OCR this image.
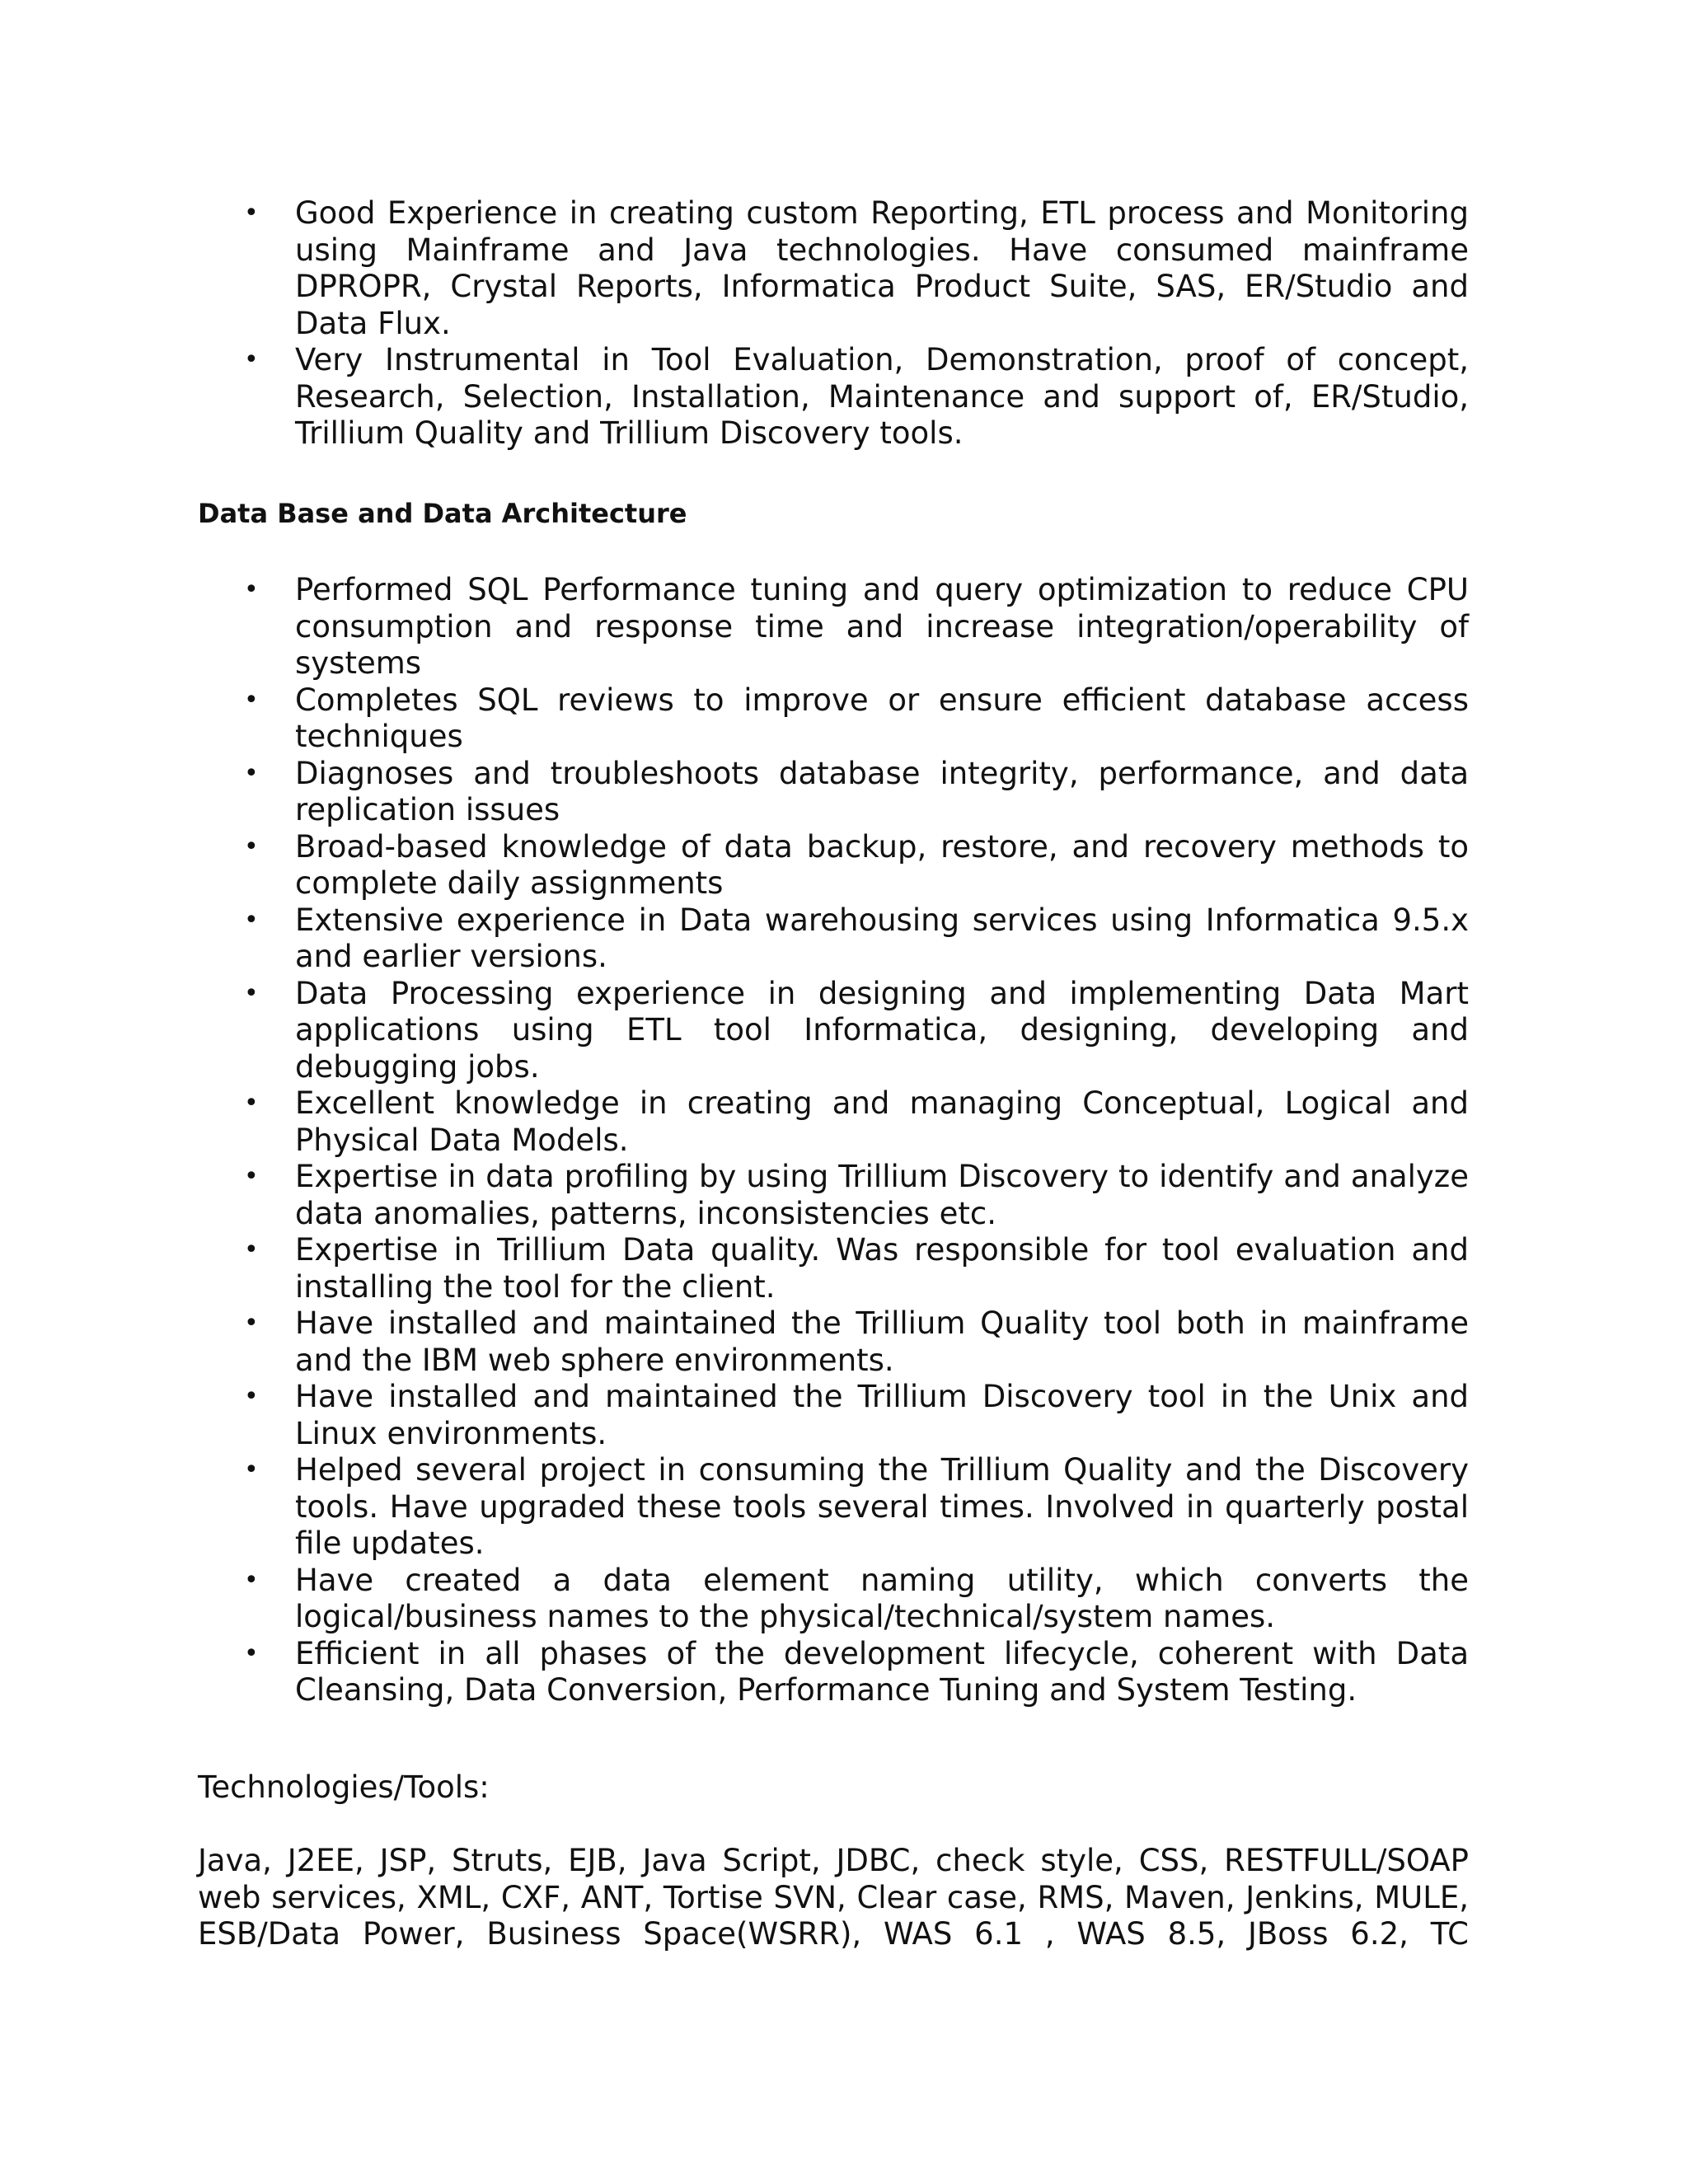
• Good Experience in creating custom Reporting, ETL process and Monitoring using Mainframe and Java technologies. Have consumed mainframe DPROPR, Crystal Reports, Informatica Product Suite, SAS, ER/Studio and Data Flux.
• Very Instrumental in Tool Evaluation, Demonstration, proof of concept, Research, Selection, Installation, Maintenance and support of, ER/Studio, Trillium Quality and Trillium Discovery tools.
Data Base and Data Architecture
• Performed SQL Performance tuning and query optimization to reduce CPU consumption and response time and increase integration/operability of systems
• Completes SQL reviews to improve or ensure efficient database access techniques
• Diagnoses and troubleshoots database integrity, performance, and data replication issues
• Broad-based knowledge of data backup, restore, and recovery methods to complete daily assignments
• Extensive experience in Data warehousing services using Informatica 9.5.x and earlier versions.
• Data Processing experience in designing and implementing Data Mart applications using ETL tool Informatica, designing, developing and debugging jobs.
• Excellent knowledge in creating and managing Conceptual, Logical and Physical Data Models.
• Expertise in data profiling by using Trillium Discovery to identify and analyze data anomalies, patterns, inconsistencies etc.
• Expertise in Trillium Data quality. Was responsible for tool evaluation and installing the tool for the client.
• Have installed and maintained the Trillium Quality tool both in mainframe and the IBM web sphere environments.
• Have installed and maintained the Trillium Discovery tool in the Unix and Linux environments.
• Helped several project in consuming the Trillium Quality and the Discovery tools. Have upgraded these tools several times. Involved in quarterly postal file updates.
• Have created a data element naming utility, which converts the logical/business names to the physical/technical/system names.
• Efficient in all phases of the development lifecycle, coherent with Data Cleansing, Data Conversion, Performance Tuning and System Testing.
Technologies/Tools:
Java, J2EE, JSP, Struts, EJB, Java Script, JDBC, check style, CSS, RESTFULL/SOAP web services, XML, CXF, ANT, Tortise SVN, Clear case, RMS, Maven, Jenkins, MULE, ESB/Data Power, Business Space(WSRR), WAS 6.1 , WAS 8.5, JBoss 6.2, TC
